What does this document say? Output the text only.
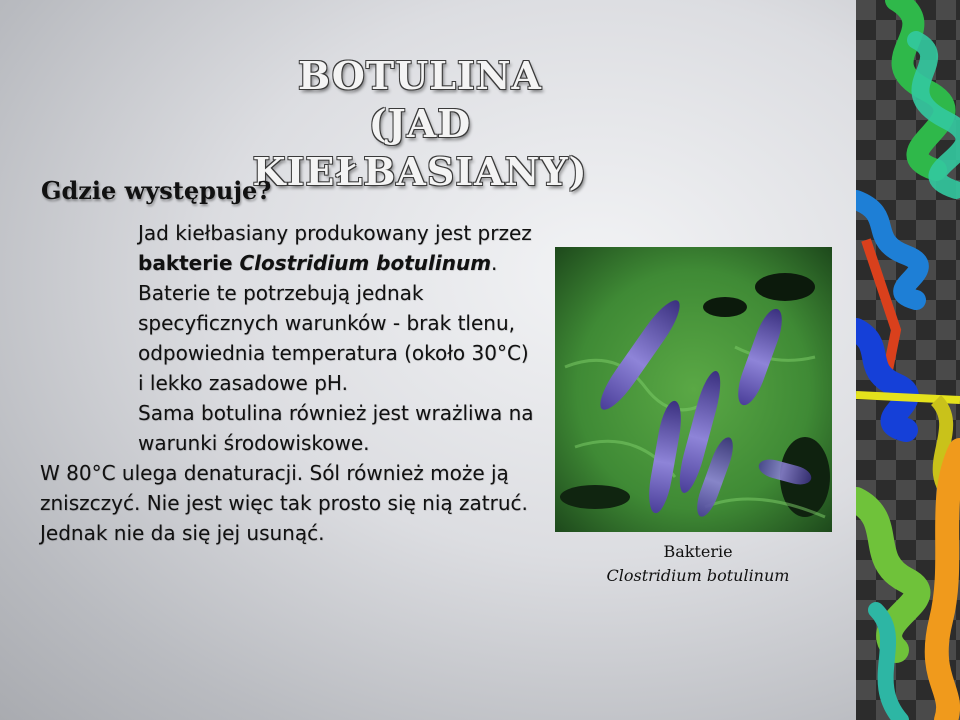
BOTULINA
(JAD KIEŁBASIANY)
Gdzie występuje?

Jad kiełbasiany produkowany jest przez bakterie Clostridium botulinum.

Baterie te potrzebują jednak specyficznych warunków - brak tlenu, odpowiednia temperatura (około 30°C) i lekko zasadowe pH.

Sama botulina również jest wrażliwa na warunki środowiskowe.

W 80°C ulega denaturacji. Sól również może ją zniszczyć. Nie jest więc tak prosto się nią zatruć. Jednak nie da się jej usunąć.

Bakterie
Clostridium botulinum
